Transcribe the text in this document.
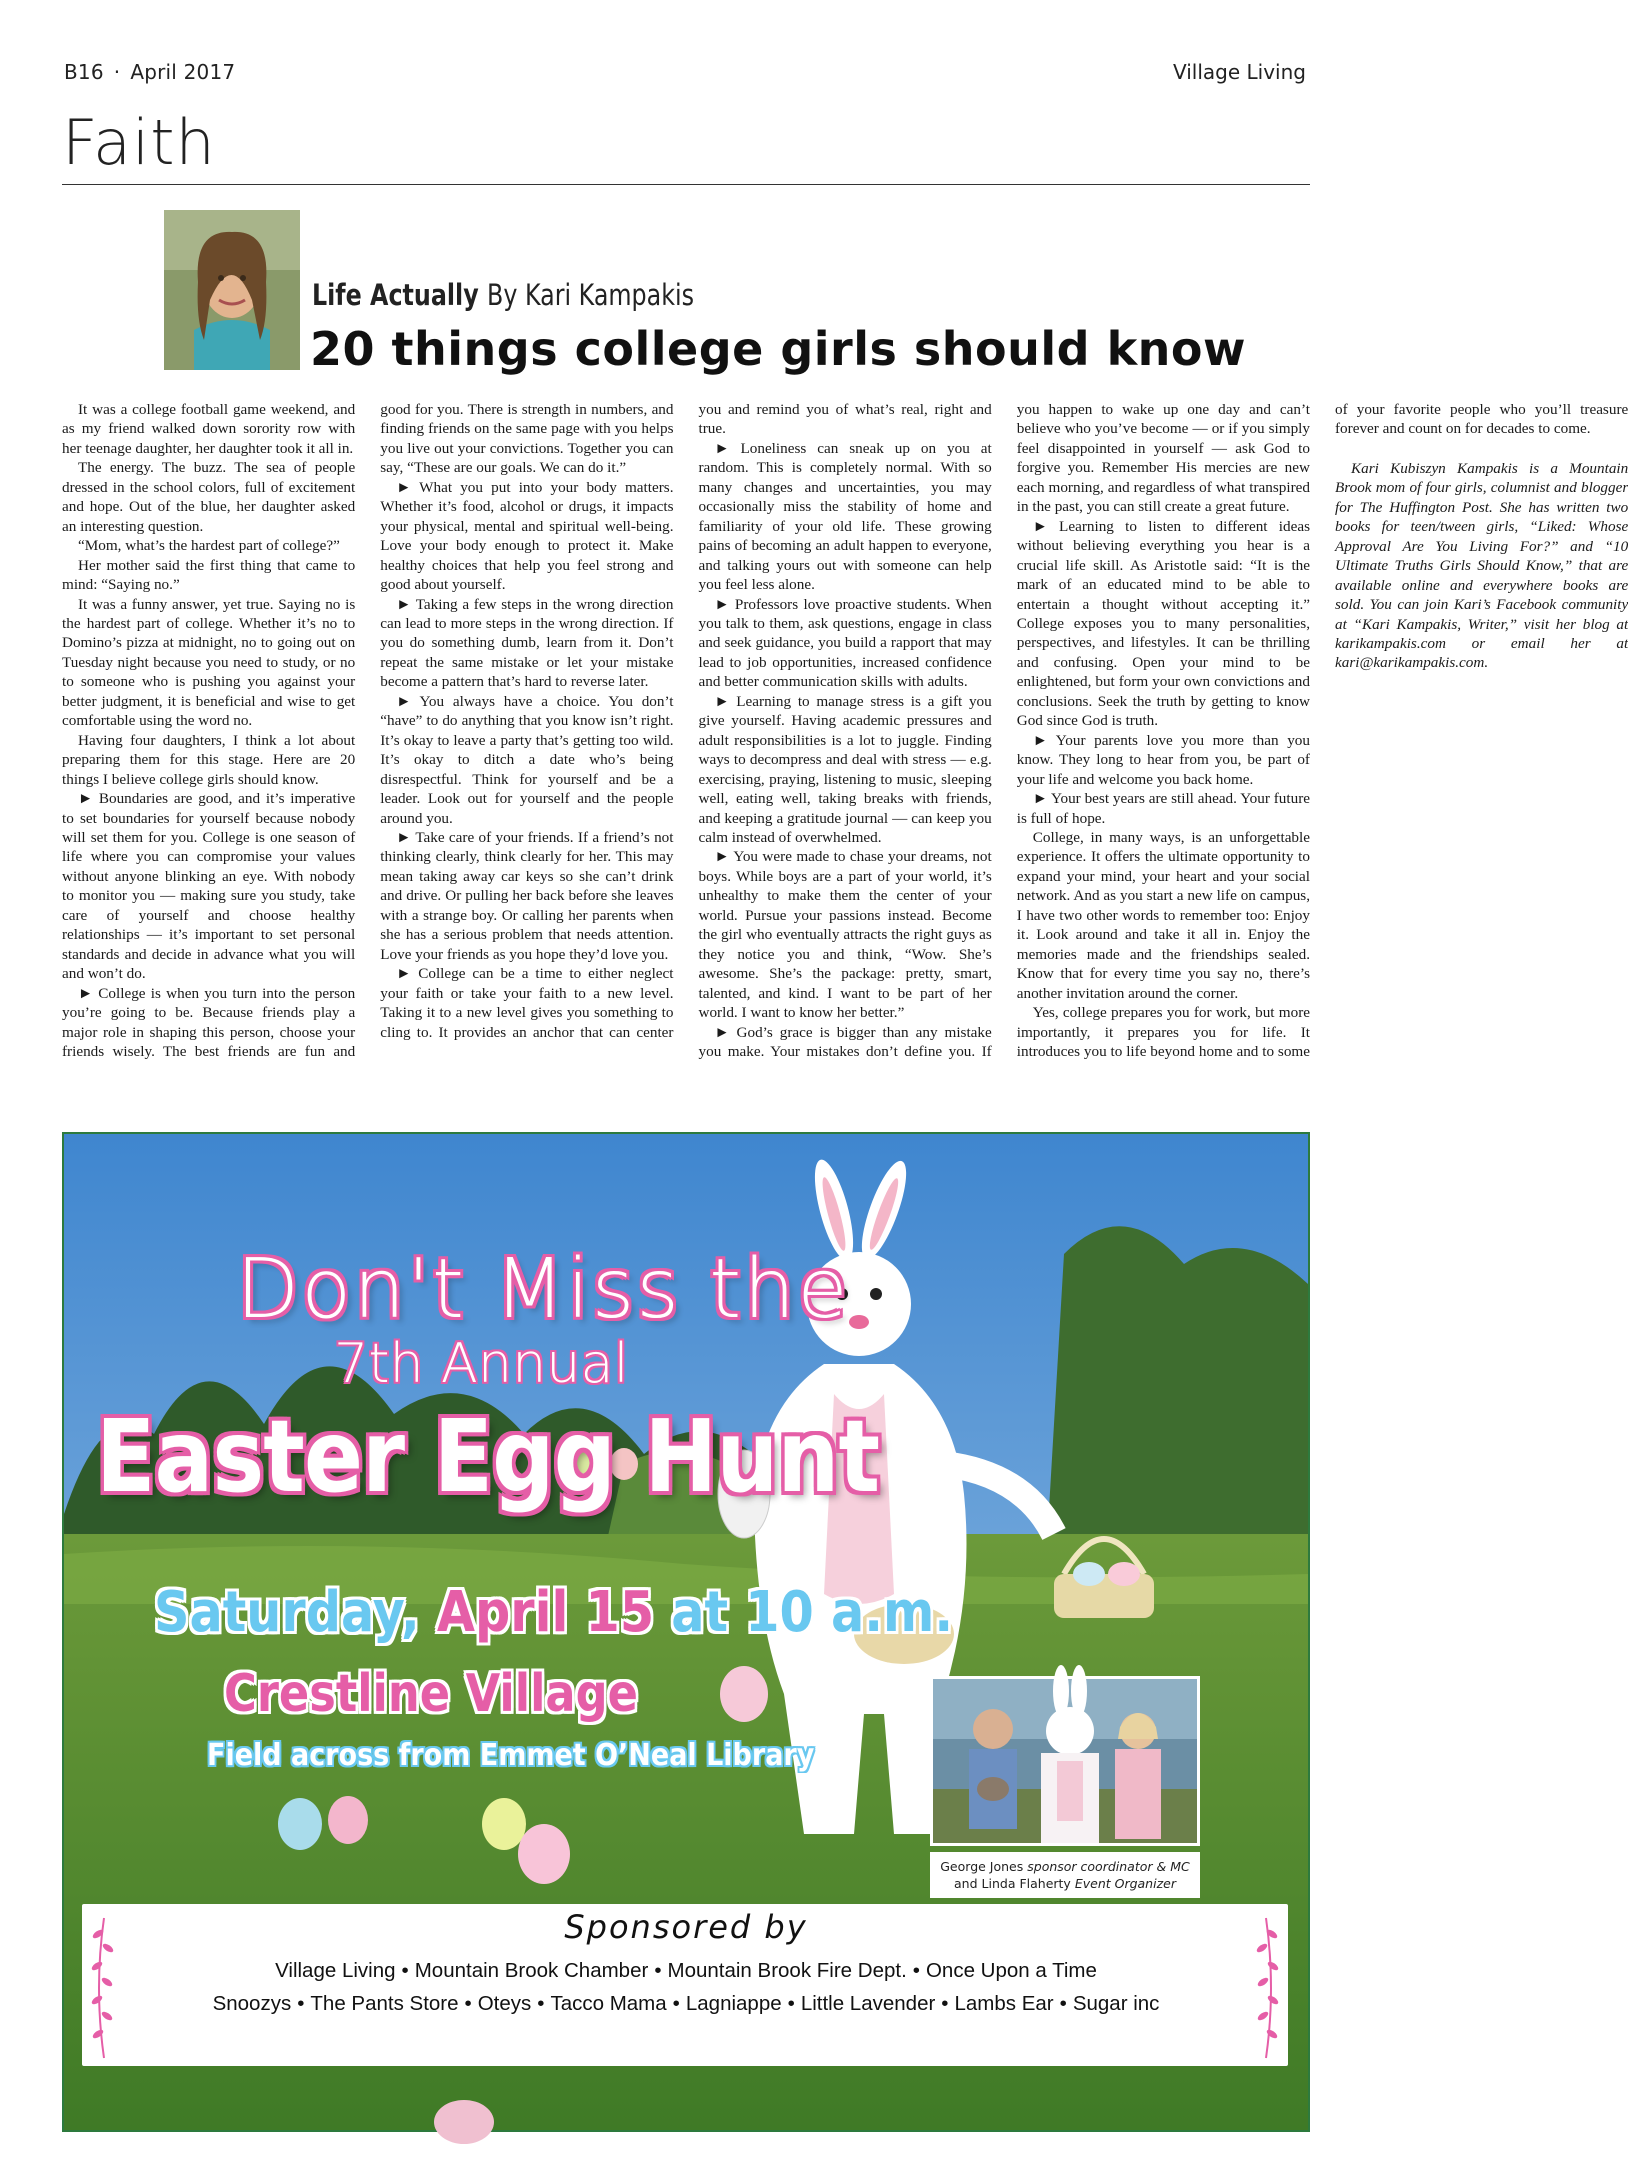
B16 · April 2017	Village Living
Faith
Life Actually By Kari Kampakis
20 things college girls should know

It was a college football game weekend, and as my friend walked down sorority row with her teenage daughter, her daughter took it all in.

The energy. The buzz. The sea of people dressed in the school colors, full of excitement and hope. Out of the blue, her daughter asked an interesting question.

“Mom, what’s the hardest part of college?”

Her mother said the first thing that came to mind: “Saying no.”

It was a funny answer, yet true. Saying no is the hardest part of college. Whether it’s no to Domino’s pizza at midnight, no to going out on Tuesday night because you need to study, or no to someone who is pushing you against your better judgment, it is beneficial and wise to get comfortable using the word no.

Having four daughters, I think a lot about preparing them for this stage. Here are 20 things I believe college girls should know.

► Boundaries are good, and it’s imperative to set boundaries for yourself because nobody will set them for you. College is one season of life where you can compromise your values without anyone blinking an eye. With nobody to monitor you — making sure you study, take care of yourself and choose healthy relationships — it’s important to set personal standards and decide in advance what you will and won’t do.

► College is when you turn into the person you’re going to be. Because friends play a major role in shaping this person, choose your friends wisely. The best friends are fun and good for you. There is strength in numbers, and finding friends on the same page with you helps you live out your convictions. Together you can say, “These are our goals. We can do it.”

► What you put into your body matters. Whether it’s food, alcohol or drugs, it impacts your physical, mental and spiritual well-being. Love your body enough to protect it. Make healthy choices that help you feel strong and good about yourself.

► Taking a few steps in the wrong direction can lead to more steps in the wrong direction. If you do something dumb, learn from it. Don’t repeat the same mistake or let your mistake become a pattern that’s hard to reverse later.

► You always have a choice. You don’t “have” to do anything that you know isn’t right. It’s okay to leave a party that’s getting too wild. It’s okay to ditch a date who’s being disrespectful. Think for yourself and be a leader. Look out for yourself and the people around you.

► Take care of your friends. If a friend’s not thinking clearly, think clearly for her. This may mean taking away car keys so she can’t drink and drive. Or pulling her back before she leaves with a strange boy. Or calling her parents when she has a serious problem that needs attention. Love your friends as you hope they’d love you.

► College can be a time to either neglect your faith or take your faith to a new level. Taking it to a new level gives you something to cling to. It provides an anchor that can center you and remind you of what’s real, right and true.

► Loneliness can sneak up on you at random. This is completely normal. With so many changes and uncertainties, you may occasionally miss the stability of home and familiarity of your old life. These growing pains of becoming an adult happen to everyone, and talking yours out with someone can help you feel less alone.

► Professors love proactive students. When you talk to them, ask questions, engage in class and seek guidance, you build a rapport that may lead to job opportunities, increased confidence and better communication skills with adults.

► Learning to manage stress is a gift you give yourself. Having academic pressures and adult responsibilities is a lot to juggle. Finding ways to decompress and deal with stress — e.g. exercising, praying, listening to music, sleeping well, eating well, taking breaks with friends, and keeping a gratitude journal — can keep you calm instead of overwhelmed.

► You were made to chase your dreams, not boys. While boys are a part of your world, it’s unhealthy to make them the center of your world. Pursue your passions instead. Become the girl who eventually attracts the right guys as they notice you and think, “Wow. She’s awesome. She’s the package: pretty, smart, talented, and kind. I want to be part of her world. I want to know her better.”

► God’s grace is bigger than any mistake you make. Your mistakes don’t define you. If you happen to wake up one day and can’t believe who you’ve become — or if you simply feel disappointed in yourself — ask God to forgive you. Remember His mercies are new each morning, and regardless of what transpired in the past, you can still create a great future.

► Learning to listen to different ideas without believing everything you hear is a crucial life skill. As Aristotle said: “It is the mark of an educated mind to be able to entertain a thought without accepting it.” College exposes you to many personalities, perspectives, and lifestyles. It can be thrilling and confusing. Open your mind to be enlightened, but form your own convictions and conclusions. Seek the truth by getting to know God since God is truth.

► Your parents love you more than you know. They long to hear from you, be part of your life and welcome you back home.

► Your best years are still ahead. Your future is full of hope.

College, in many ways, is an unforgettable experience. It offers the ultimate opportunity to expand your mind, your heart and your social network. And as you start a new life on campus, I have two other words to remember too: Enjoy it. Look around and take it all in. Enjoy the memories made and the friendships sealed. Know that for every time you say no, there’s another invitation around the corner.

Yes, college prepares you for work, but more importantly, it prepares you for life. It introduces you to life beyond home and to some of your favorite people who you’ll treasure forever and count on for decades to come.

Kari Kubiszyn Kampakis is a Mountain Brook mom of four girls, columnist and blogger for The Huffington Post. She has written two books for teen/tween girls, “Liked: Whose Approval Are You Living For?” and “10 Ultimate Truths Girls Should Know,” that are available online and everywhere books are sold. You can join Kari’s Facebook community at “Kari Kampakis, Writer,” visit her blog at karikampakis.com or email her at kari@karikampakis.com.

Don't Miss the
7th Annual
Easter Egg Hunt
Saturday, April 15 at 10 a.m.
Crestline Village
Field across from Emmet O’Neal Library
George Jones sponsor coordinator & MC
and Linda Flaherty Event Organizer
Sponsored by
Village Living • Mountain Brook Chamber • Mountain Brook Fire Dept. • Once Upon a Time
Snoozys • The Pants Store • Oteys • Tacco Mama • Lagniappe • Little Lavender • Lambs Ear • Sugar inc
